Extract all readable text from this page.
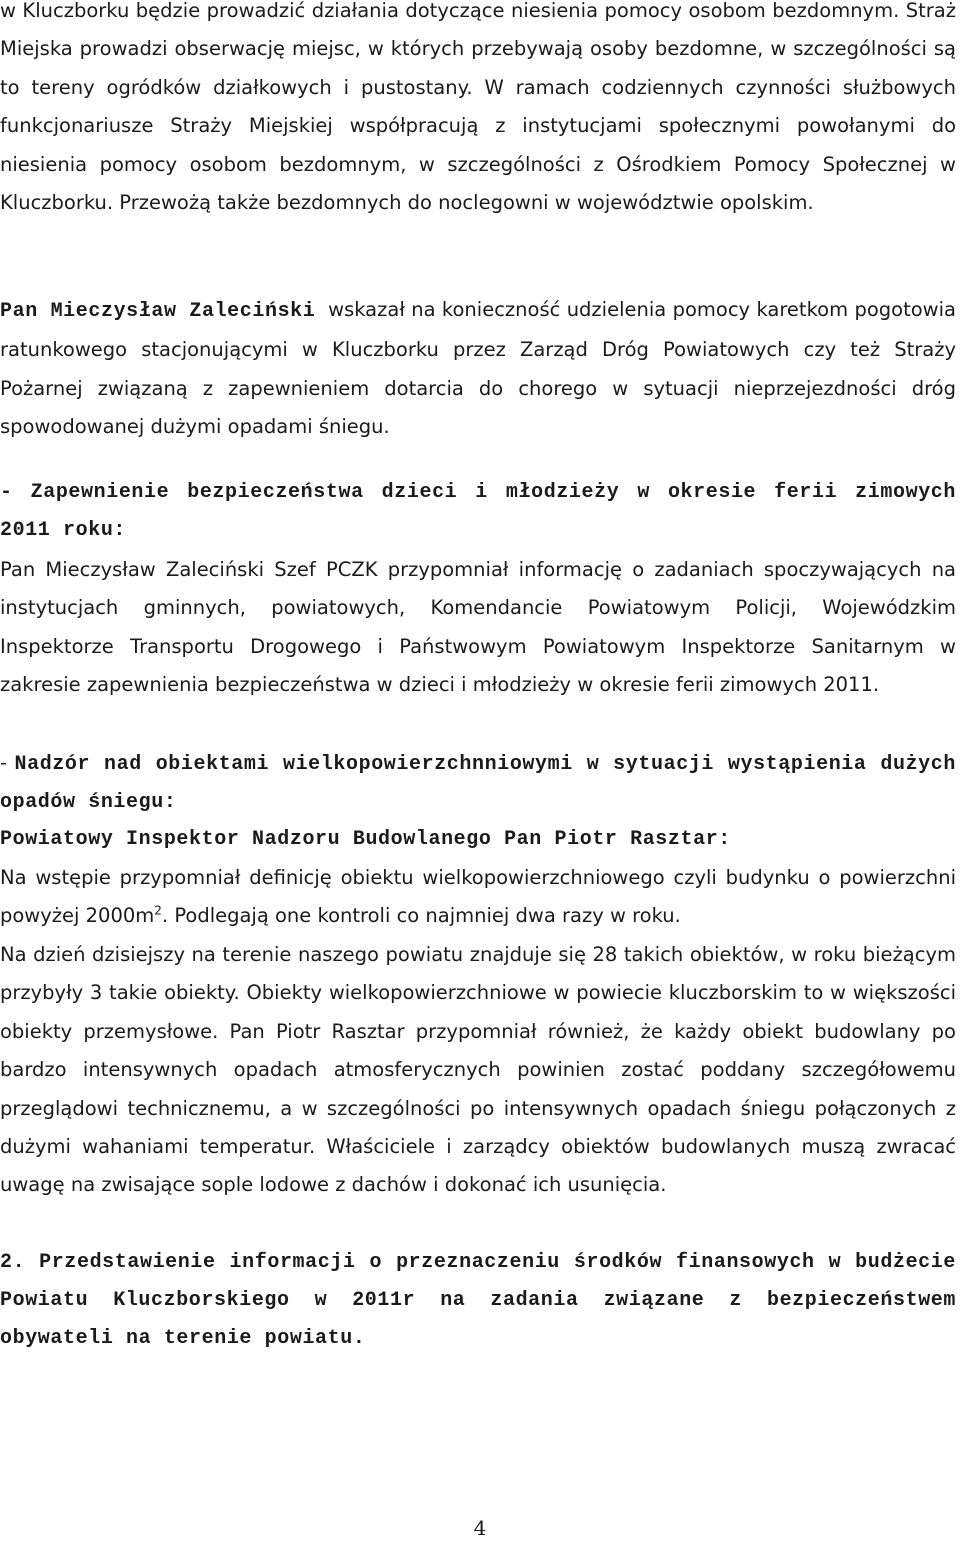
w Kluczborku będzie prowadzić działania dotyczące niesienia pomocy osobom bezdomnym. Straż Miejska prowadzi obserwację miejsc, w których przebywają osoby bezdomne, w szczególności są to tereny ogródków działkowych i pustostany. W ramach codziennych czynności służbowych funkcjonariusze Straży Miejskiej współpracują z instytucjami społecznymi powołanymi do niesienia pomocy osobom bezdomnym, w szczególności z Ośrodkiem Pomocy Społecznej w Kluczborku. Przewożą także bezdomnych do noclegowni w województwie opolskim.

Pan Mieczysław Zaleciński wskazał na konieczność udzielenia pomocy karetkom pogotowia ratunkowego stacjonującymi w Kluczborku przez Zarząd Dróg Powiatowych czy też Straży Pożarnej związaną z zapewnieniem dotarcia do chorego w sytuacji nieprzejezdności dróg spowodowanej dużymi opadami śniegu.

- Zapewnienie bezpieczeństwa dzieci i młodzieży w okresie ferii zimowych 2011 roku:

Pan Mieczysław Zaleciński Szef PCZK przypomniał informację o zadaniach spoczywających na instytucjach gminnych, powiatowych, Komendancie Powiatowym Policji, Wojewódzkim Inspektorze Transportu Drogowego i Państwowym Powiatowym Inspektorze Sanitarnym w zakresie zapewnienia bezpieczeństwa w dzieci i młodzieży w okresie ferii zimowych 2011.

- Nadzór nad obiektami wielkopowierzchnniowymi w sytuacji wystąpienia dużych opadów śniegu:

Powiatowy Inspektor Nadzoru Budowlanego Pan Piotr Rasztar:

Na wstępie przypomniał definicję obiektu wielkopowierzchniowego czyli budynku o powierzchni powyżej $2000m^2$. Podlegają one kontroli co najmniej dwa razy w roku.

Na dzień dzisiejszy na terenie naszego powiatu znajduje się 28 takich obiektów, w roku bieżącym przybyły 3 takie obiekty. Obiekty wielkopowierzchniowe w powiecie kluczborskim to w większości obiekty przemysłowe. Pan Piotr Rasztar przypomniał również, że każdy obiekt budowlany po bardzo intensywnych opadach atmosferycznych powinien zostać poddany szczegółowemu przeglądowi technicznemu, a w szczególności po intensywnych opadach śniegu połączonych z dużymi wahaniami temperatur. Właściciele i zarządcy obiektów budowlanych muszą zwracać uwagę na zwisające sople lodowe z dachów i dokonać ich usunięcia.

2. Przedstawienie informacji o przeznaczeniu środków finansowych w budżecie Powiatu Kluczborskiego w 2011r na zadania związane z bezpieczeństwem obywateli na terenie powiatu.

4
